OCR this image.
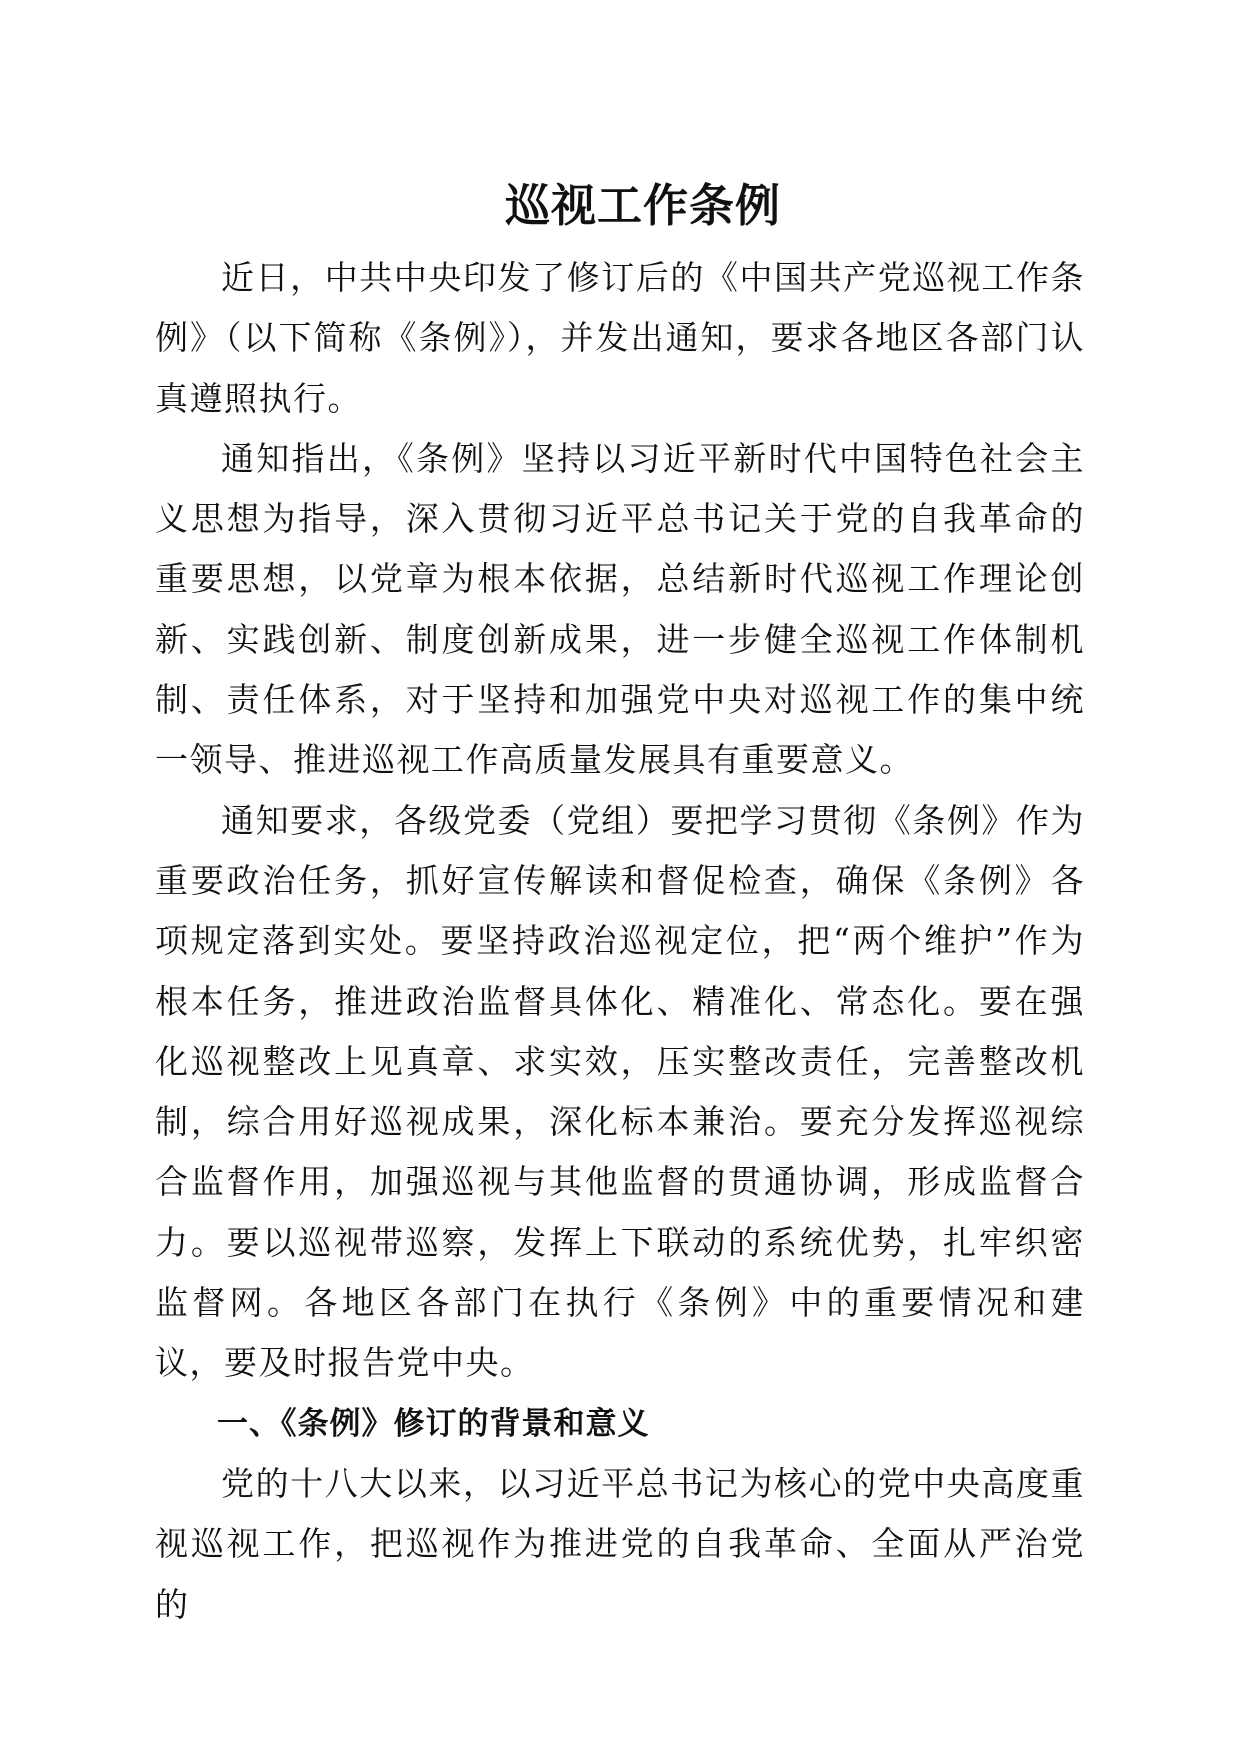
巡视工作条例

近日，中共中央印发了修订后的《中国共产党巡视工作条例》（以下简称《条例》），并发出通知，要求各地区各部门认真遵照执行。

通知指出，《条例》坚持以习近平新时代中国特色社会主义思想为指导，深入贯彻习近平总书记关于党的自我革命的重要思想，以党章为根本依据，总结新时代巡视工作理论创新、实践创新、制度创新成果，进一步健全巡视工作体制机制、责任体系，对于坚持和加强党中央对巡视工作的集中统一领导、推进巡视工作高质量发展具有重要意义。

通知要求，各级党委（党组）要把学习贯彻《条例》作为重要政治任务，抓好宣传解读和督促检查，确保《条例》各项规定落到实处。要坚持政治巡视定位，把“两个维护”作为根本任务，推进政治监督具体化、精准化、常态化。要在强化巡视整改上见真章、求实效，压实整改责任，完善整改机制，综合用好巡视成果，深化标本兼治。要充分发挥巡视综合监督作用，加强巡视与其他监督的贯通协调，形成监督合力。要以巡视带巡察，发挥上下联动的系统优势，扎牢织密监督网。各地区各部门在执行《条例》中的重要情况和建议，要及时报告党中央。

一、《条例》修订的背景和意义

党的十八大以来，以习近平总书记为核心的党中央高度重视巡视工作，把巡视作为推进党的自我革命、全面从严治党的
